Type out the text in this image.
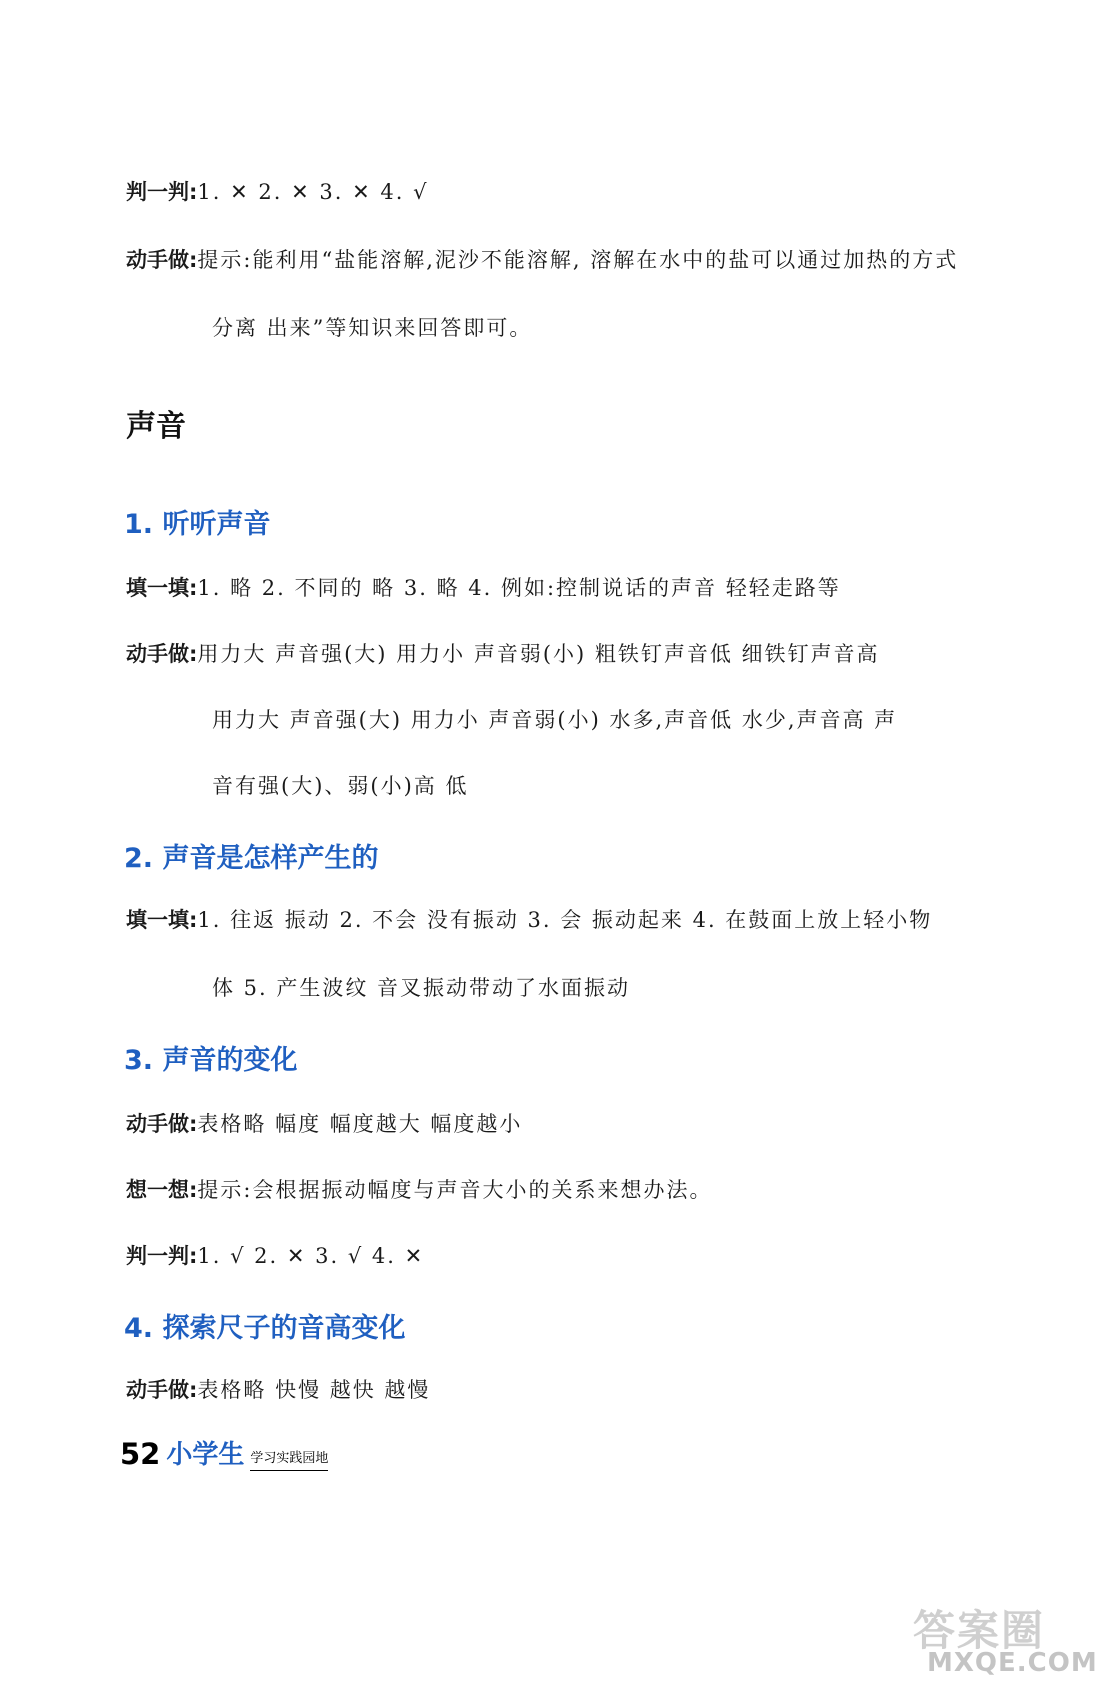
判一判:1. ✕ 2. ✕ 3. ✕ 4. √
动手做:提示:能利用“盐能溶解,泥沙不能溶解, 溶解在水中的盐可以通过加热的方式
分离 出来”等知识来回答即可。
声音
1. 听听声音
填一填:1. 略 2. 不同的 略 3. 略 4. 例如:控制说话的声音 轻轻走路等
动手做:用力大 声音强(大) 用力小 声音弱(小) 粗铁钉声音低 细铁钉声音高
用力大 声音强(大) 用力小 声音弱(小) 水多,声音低 水少,声音高 声
音有强(大)、弱(小)高 低
2. 声音是怎样产生的
填一填:1. 往返 振动 2. 不会 没有振动 3. 会 振动起来 4. 在鼓面上放上轻小物
体 5. 产生波纹 音叉振动带动了水面振动
3. 声音的变化
动手做:表格略 幅度 幅度越大 幅度越小
想一想:提示:会根据振动幅度与声音大小的关系来想办法。
判一判:1. √ 2. ✕ 3. √ 4. ✕
4. 探索尺子的音高变化
动手做:表格略 快慢 越快 越慢
52 小学生 学习实践园地
答案圈
MXQE.COM
